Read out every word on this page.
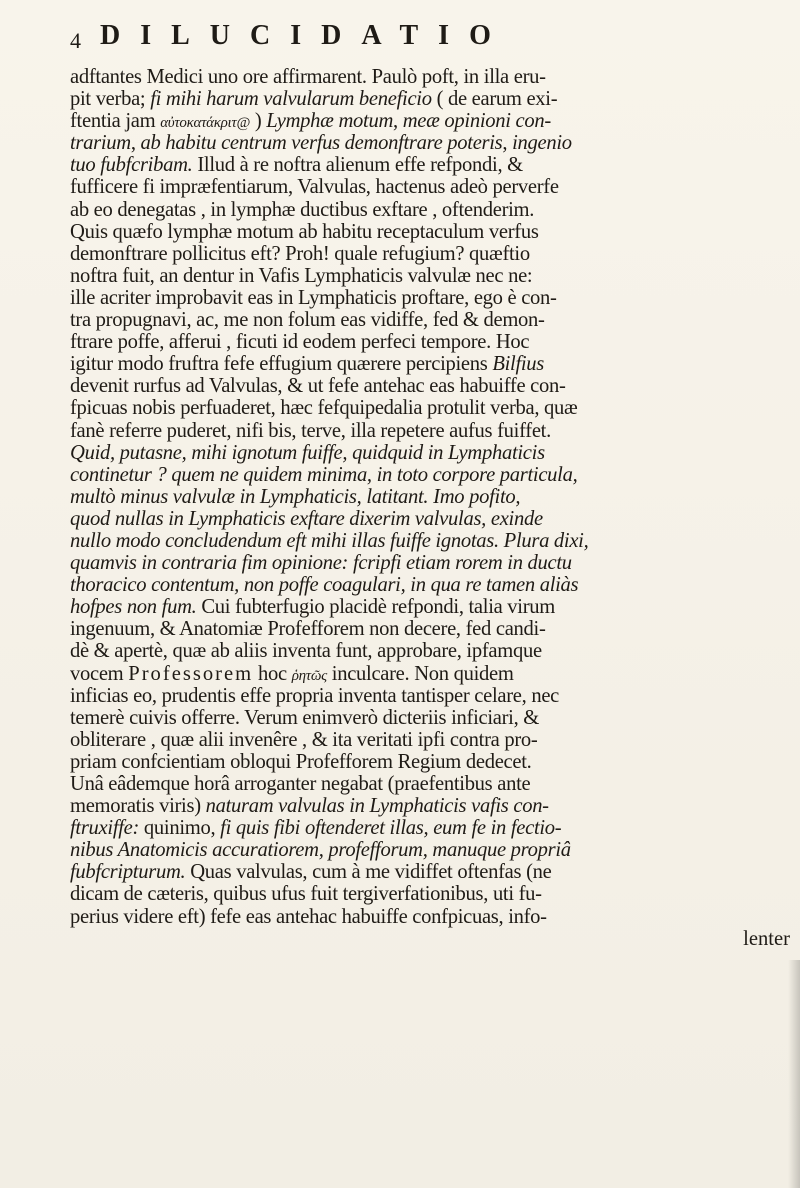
4 DILUCIDATIO
adftantes Medici uno ore affirmarent. Paulò poft, in illa eru-
pit verba; fi mihi harum valvularum beneficio ( de earum exi-
ftentia jam αὐτοκατάκριτ@ ) Lymphæ motum, meæ opinioni con-
trarium, ab habitu centrum verfus demonftrare poteris, ingenio
tuo fubfcribam. Illud à re noftra alienum effe refpondi, &
fufficere fi impræfentiarum, Valvulas, hactenus adeò perverfe
ab eo denegatas , in lymphæ ductibus exftare , oftenderim.
Quis quæfo lymphæ motum ab habitu receptaculum verfus
demonftrare pollicitus eft? Proh! quale refugium? quæftio
noftra fuit, an dentur in Vafis Lymphaticis valvulæ nec ne:
ille acriter improbavit eas in Lymphaticis proftare, ego è con-
tra propugnavi, ac, me non folum eas vidiffe, fed & demon-
ftrare poffe, afferui , ficuti id eodem perfeci tempore. Hoc
igitur modo fruftra fefe effugium quærere percipiens Bilfius
devenit rurfus ad Valvulas, & ut fefe antehac eas habuiffe con-
fpicuas nobis perfuaderet, hæc fefquipedalia protulit verba, quæ
fanè referre puderet, nifi bis, terve, illa repetere aufus fuiffet.
Quid, putasne, mihi ignotum fuiffe, quidquid in Lymphaticis
continetur ? quem ne quidem minima, in toto corpore particula,
multò minus valvulæ in Lymphaticis, latitant. Imo pofito,
quod nullas in Lymphaticis exftare dixerim valvulas, exinde
nullo modo concludendum eft mihi illas fuiffe ignotas. Plura dixi,
quamvis in contraria fim opinione: fcripfi etiam rorem in ductu
thoracico contentum, non poffe coagulari, in qua re tamen aliàs
hofpes non fum. Cui fubterfugio placidè refpondi, talia virum
ingenuum, & Anatomiæ Profefforem non decere, fed candi-
dè & apertè, quæ ab aliis inventa funt, approbare, ipfamque
vocem Professorem hoc ῥητῶς inculcare. Non quidem
inficias eo, prudentis effe propria inventa tantisper celare, nec
temerè cuivis offerre. Verum enimverò dicteriis inficiari, &
obliterare , quæ alii invenêre , & ita veritati ipfi contra pro-
priam confcientiam obloqui Profefforem Regium dedecet.
Unâ eâdemque horâ arroganter negabat (praefentibus ante
memoratis viris) naturam valvulas in Lymphaticis vafis con-
ftruxiffe: quinimo, fi quis fibi oftenderet illas, eum fe in fectio-
nibus Anatomicis accuratiorem, profefforum, manuque propriâ
fubfcripturum. Quas valvulas, cum à me vidiffet oftenfas (ne
dicam de cæteris, quibus ufus fuit tergiverfationibus, uti fu-
perius videre eft) fefe eas antehac habuiffe confpicuas, info-
lenter
